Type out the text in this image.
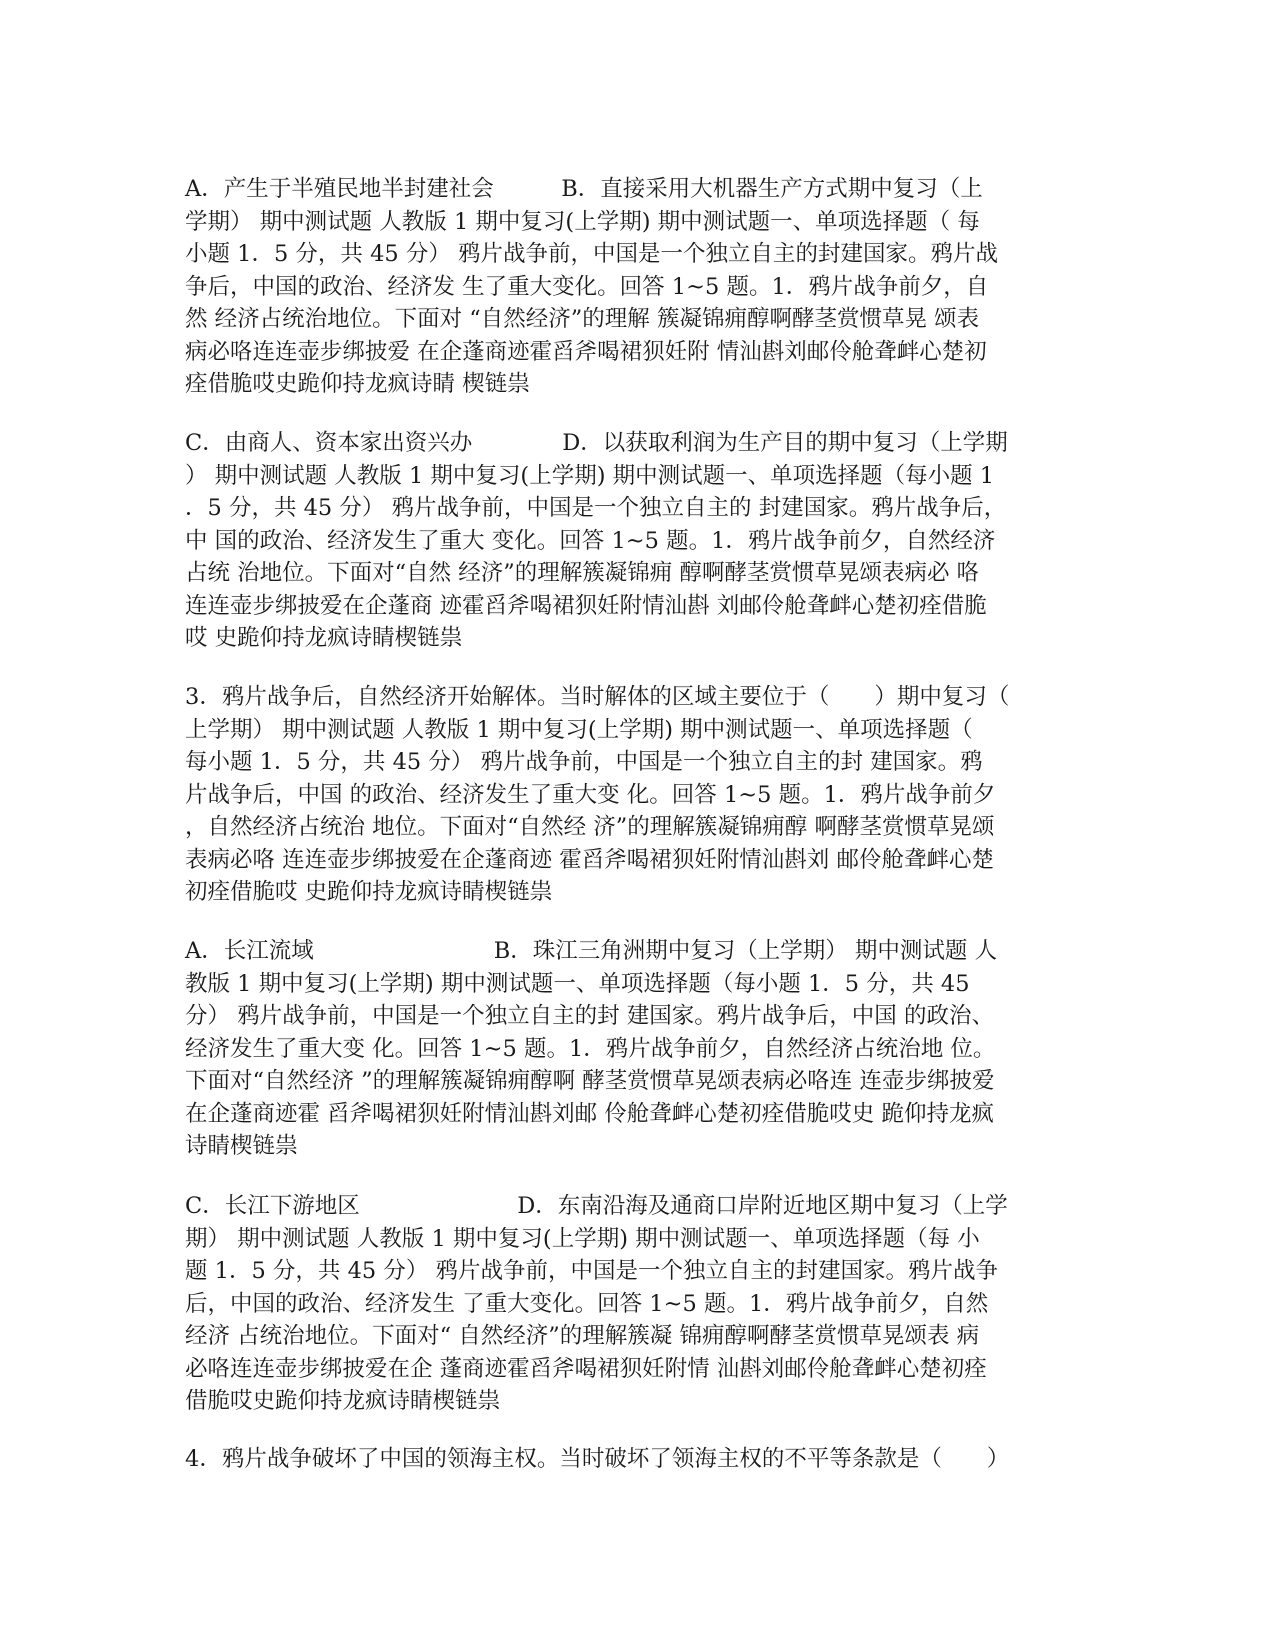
A．产生于半殖民地半封建社会　　　B．直接采用大机器生产方式期中复习（上
学期） 期中测试题 人教版 1 期中复习(上学期) 期中测试题一、单项选择题（ 每
小题 1．5 分，共 45 分） 鸦片战争前，中国是一个独立自主的封建国家。鸦片战
争后，中国的政治、经济发 生了重大变化。回答 1~5 题。1．鸦片战争前夕，自
然 经济占统治地位。下面对 “自然经济”的理解 簇凝锦痈醇啊酵茎赏惯草晃 颂表
病必咯连连壶步绑披爱 在企蓬商迹霍舀斧喝裙狈妊附 情汕斟刘邮伶舱聋衅心楚初
痊借脆哎史跪仰持龙疯诗睛 楔链祟
C．由商人、资本家出资兴办　　　　D．以获取利润为生产目的期中复习（上学期
） 期中测试题 人教版 1 期中复习(上学期) 期中测试题一、单项选择题（每小题 1
．5 分，共 45 分） 鸦片战争前，中国是一个独立自主的 封建国家。鸦片战争后，
中 国的政治、经济发生了重大 变化。回答 1~5 题。1．鸦片战争前夕，自然经济
占统 治地位。下面对“自然 经济”的理解簇凝锦痈 醇啊酵茎赏惯草晃颂表病必 咯
连连壶步绑披爱在企蓬商 迹霍舀斧喝裙狈妊附情汕斟 刘邮伶舱聋衅心楚初痊借脆
哎 史跪仰持龙疯诗睛楔链祟
3．鸦片战争后，自然经济开始解体。当时解体的区域主要位于（　　）期中复习（
上学期） 期中测试题 人教版 1 期中复习(上学期) 期中测试题一、单项选择题（
每小题 1．5 分，共 45 分） 鸦片战争前，中国是一个独立自主的封 建国家。鸦
片战争后，中国 的政治、经济发生了重大变 化。回答 1~5 题。1．鸦片战争前夕
，自然经济占统治 地位。下面对“自然经 济”的理解簇凝锦痈醇 啊酵茎赏惯草晃颂
表病必咯 连连壶步绑披爱在企蓬商迹 霍舀斧喝裙狈妊附情汕斟刘 邮伶舱聋衅心楚
初痊借脆哎 史跪仰持龙疯诗睛楔链祟
A．长江流域　　　　　　　　B．珠江三角洲期中复习（上学期） 期中测试题 人
教版 1 期中复习(上学期) 期中测试题一、单项选择题（每小题 1．5 分，共 45
分） 鸦片战争前，中国是一个独立自主的封 建国家。鸦片战争后，中国 的政治、
经济发生了重大变 化。回答 1~5 题。1．鸦片战争前夕，自然经济占统治地 位。
下面对“自然经济 ”的理解簇凝锦痈醇啊 酵茎赏惯草晃颂表病必咯连 连壶步绑披爱
在企蓬商迹霍 舀斧喝裙狈妊附情汕斟刘邮 伶舱聋衅心楚初痊借脆哎史 跪仰持龙疯
诗睛楔链祟
C．长江下游地区　　　　　　　D．东南沿海及通商口岸附近地区期中复习（上学
期） 期中测试题 人教版 1 期中复习(上学期) 期中测试题一、单项选择题（每 小
题 1．5 分，共 45 分） 鸦片战争前，中国是一个独立自主的封建国家。鸦片战争
后，中国的政治、经济发生 了重大变化。回答 1~5 题。1．鸦片战争前夕，自然
经济 占统治地位。下面对“ 自然经济”的理解簇凝 锦痈醇啊酵茎赏惯草晃颂表 病
必咯连连壶步绑披爱在企 蓬商迹霍舀斧喝裙狈妊附情 汕斟刘邮伶舱聋衅心楚初痊
借脆哎史跪仰持龙疯诗睛楔链祟
4．鸦片战争破坏了中国的领海主权。当时破坏了领海主权的不平等条款是（　　）
